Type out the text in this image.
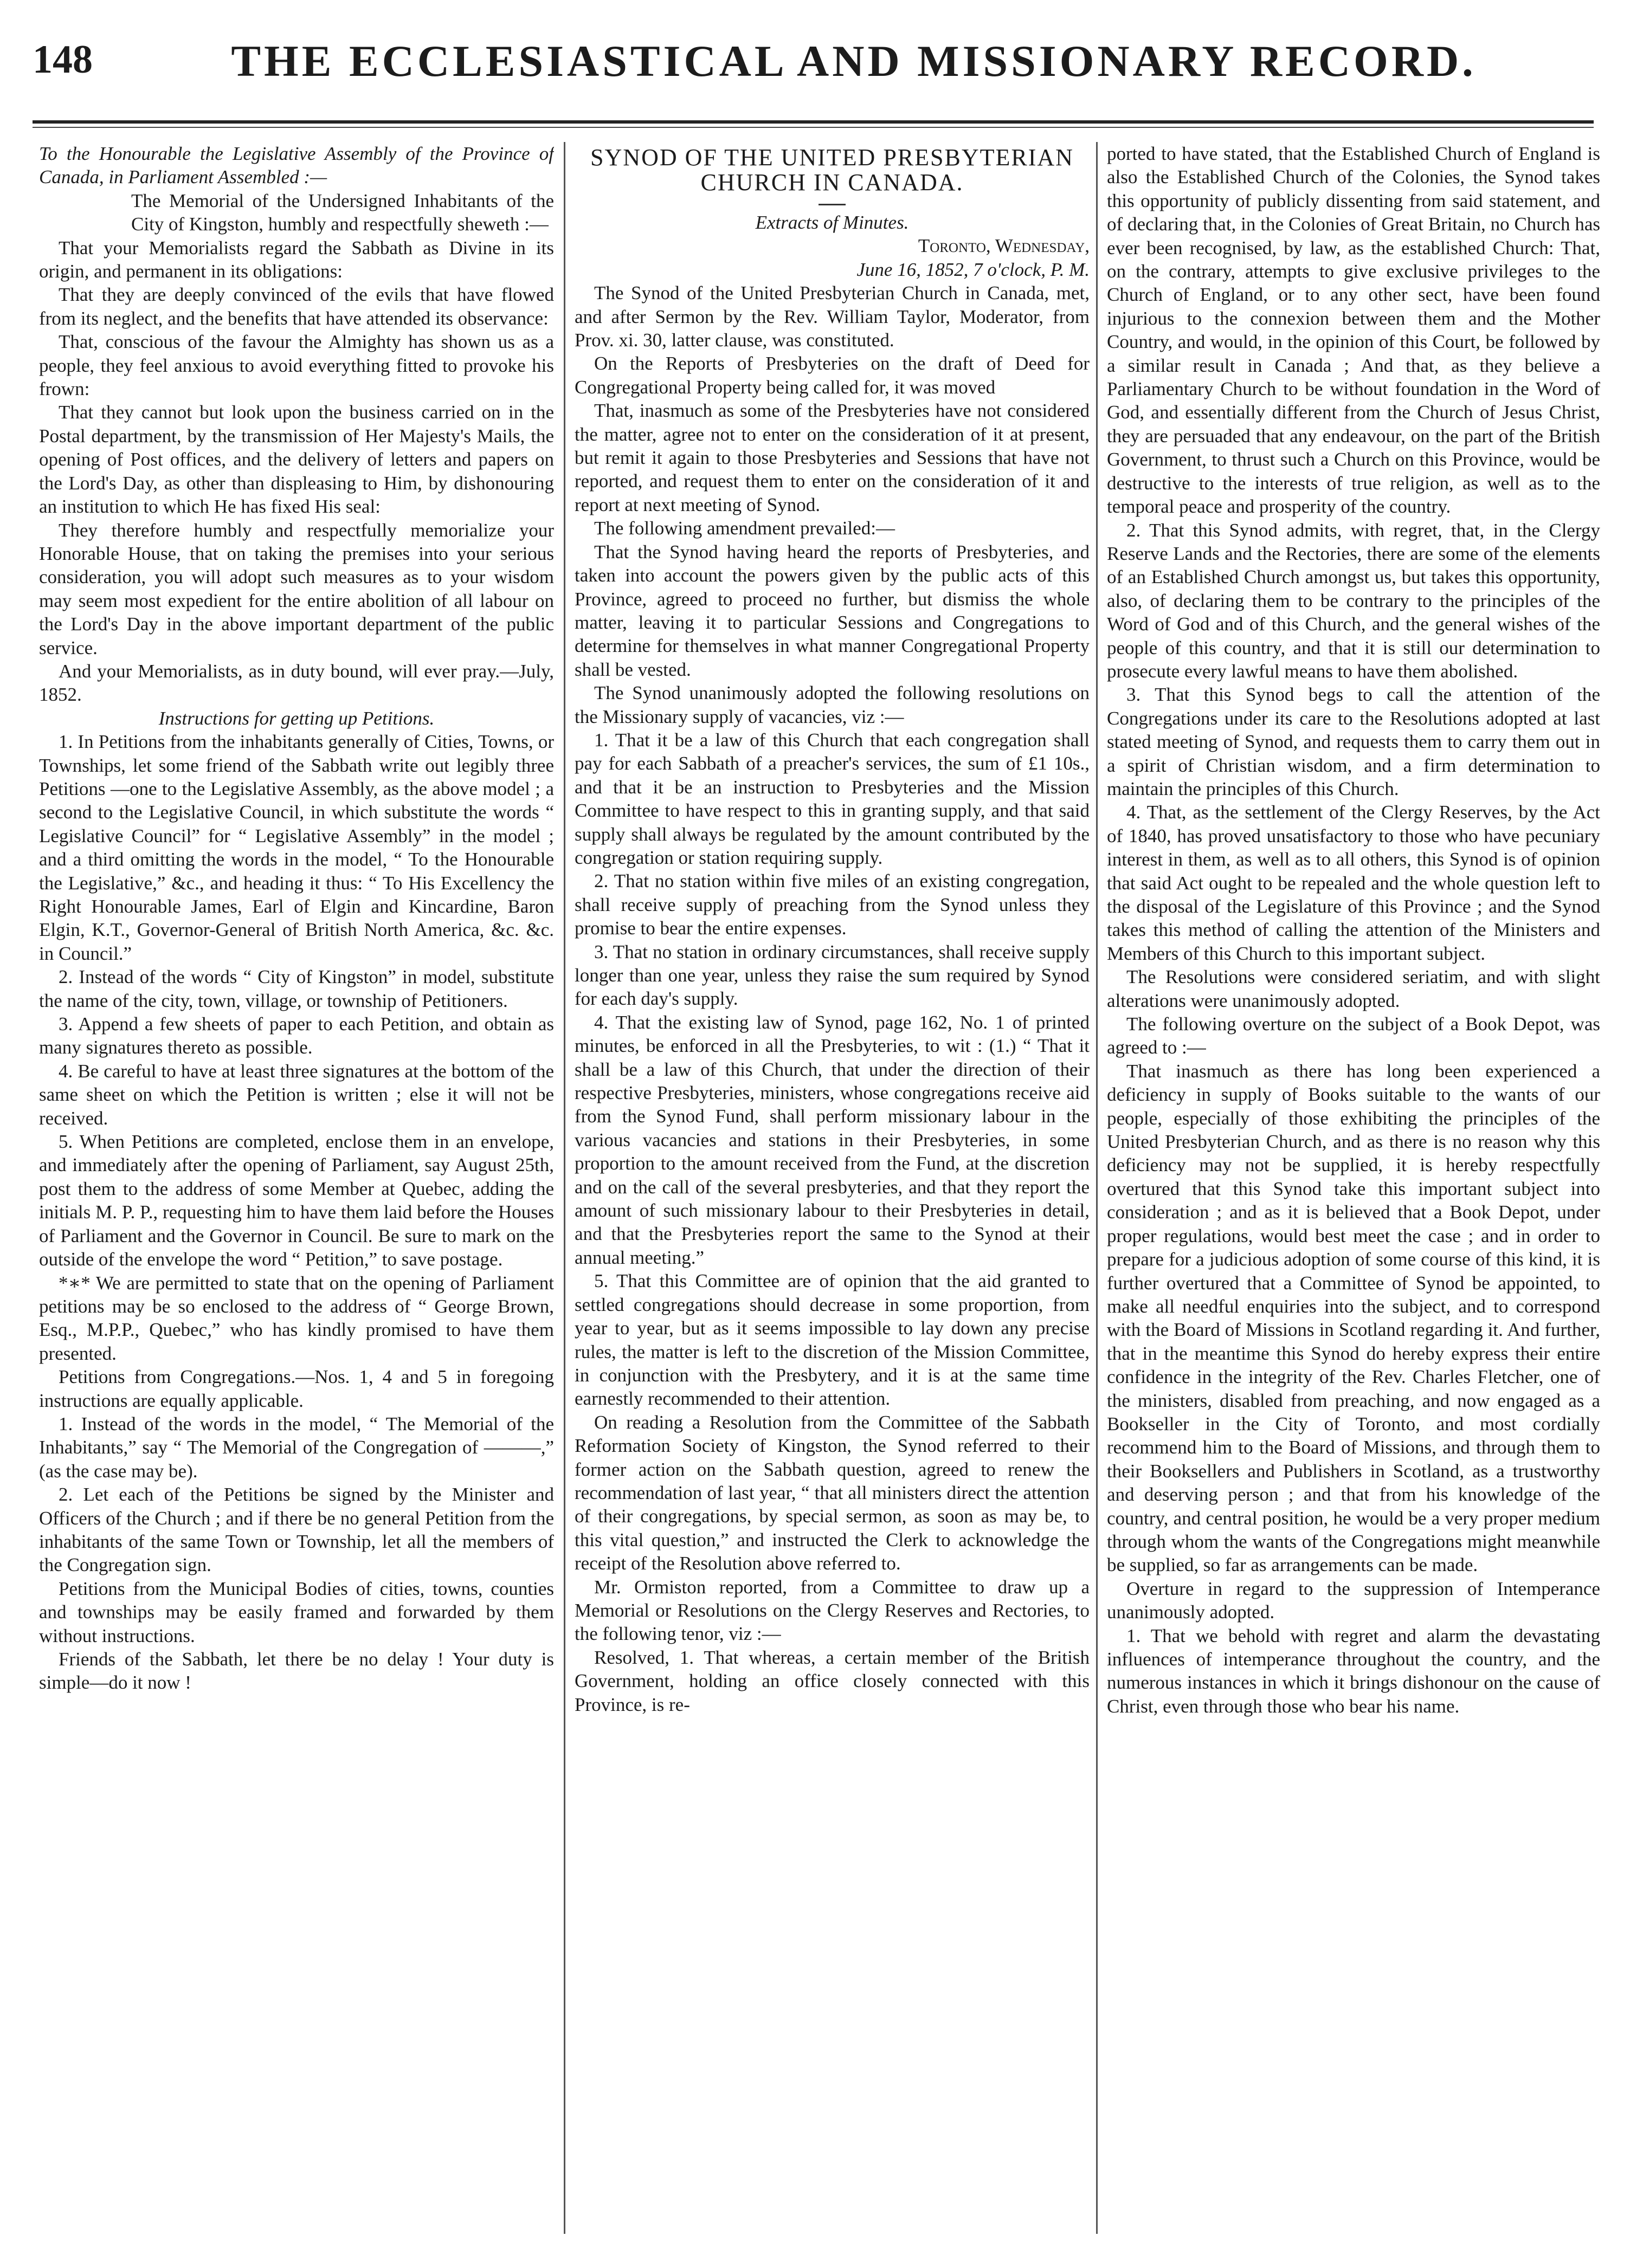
148	THE ECCLESIASTICAL AND MISSIONARY RECORD.

To the Honourable the Legislative Assembly of the Province of Canada, in Parliament Assembled :—

The Memorial of the Undersigned Inhabitants of the City of Kingston, humbly and respectfully sheweth :—

That your Memorialists regard the Sabbath as Divine in its origin, and permanent in its obligations:

That they are deeply convinced of the evils that have flowed from its neglect, and the benefits that have attended its observance:

That, conscious of the favour the Almighty has shown us as a people, they feel anxious to avoid everything fitted to provoke his frown:

That they cannot but look upon the business carried on in the Postal department, by the transmission of Her Majesty's Mails, the opening of Post offices, and the delivery of letters and papers on the Lord's Day, as other than displeasing to Him, by dishonouring an institution to which He has fixed His seal:

They therefore humbly and respectfully memorialize your Honorable House, that on taking the premises into your serious consideration, you will adopt such measures as to your wisdom may seem most expedient for the entire abolition of all labour on the Lord's Day in the above important department of the public service.

And your Memorialists, as in duty bound, will ever pray.—July, 1852.

Instructions for getting up Petitions.

1. In Petitions from the inhabitants generally of Cities, Towns, or Townships, let some friend of the Sabbath write out legibly three Petitions —one to the Legislative Assembly, as the above model ; a second to the Legislative Council, in which substitute the words “ Legislative Council” for “ Legislative Assembly” in the model ; and a third omitting the words in the model, “ To the Honourable the Legislative,” &c., and heading it thus: “ To His Excellency the Right Honourable James, Earl of Elgin and Kincardine, Baron Elgin, K.T., Governor-General of British North America, &c. &c. in Council.”

2. Instead of the words “ City of Kingston” in model, substitute the name of the city, town, village, or township of Petitioners.

3. Append a few sheets of paper to each Petition, and obtain as many signatures thereto as possible.

4. Be careful to have at least three signatures at the bottom of the same sheet on which the Petition is written ; else it will not be received.

5. When Petitions are completed, enclose them in an envelope, and immediately after the opening of Parliament, say August 25th, post them to the address of some Member at Quebec, adding the initials M. P. P., requesting him to have them laid before the Houses of Parliament and the Governor in Council. Be sure to mark on the outside of the envelope the word “ Petition,” to save postage.

*∗* We are permitted to state that on the opening of Parliament petitions may be so enclosed to the address of “ George Brown, Esq., M.P.P., Quebec,” who has kindly promised to have them presented.

Petitions from Congregations.—Nos. 1, 4 and 5 in foregoing instructions are equally applicable.

1. Instead of the words in the model, “ The Memorial of the Inhabitants,” say “ The Memorial of the Congregation of ———,” (as the case may be).

2. Let each of the Petitions be signed by the Minister and Officers of the Church ; and if there be no general Petition from the inhabitants of the same Town or Township, let all the members of the Congregation sign.

Petitions from the Municipal Bodies of cities, towns, counties and townships may be easily framed and forwarded by them without instructions.

Friends of the Sabbath, let there be no delay ! Your duty is simple—do it now !

SYNOD OF THE UNITED PRESBYTERIAN CHURCH IN CANADA.

Extracts of Minutes.

Toronto, Wednesday,

June 16, 1852, 7 o'clock, P. M.

The Synod of the United Presbyterian Church in Canada, met, and after Sermon by the Rev. William Taylor, Moderator, from Prov. xi. 30, latter clause, was constituted.

On the Reports of Presbyteries on the draft of Deed for Congregational Property being called for, it was moved

That, inasmuch as some of the Presbyteries have not considered the matter, agree not to enter on the consideration of it at present, but remit it again to those Presbyteries and Sessions that have not reported, and request them to enter on the consideration of it and report at next meeting of Synod.

The following amendment prevailed:—

That the Synod having heard the reports of Presbyteries, and taken into account the powers given by the public acts of this Province, agreed to proceed no further, but dismiss the whole matter, leaving it to particular Sessions and Congregations to determine for themselves in what manner Congregational Property shall be vested.

The Synod unanimously adopted the following resolutions on the Missionary supply of vacancies, viz :—

1. That it be a law of this Church that each congregation shall pay for each Sabbath of a preacher's services, the sum of £1 10s., and that it be an instruction to Presbyteries and the Mission Committee to have respect to this in granting supply, and that said supply shall always be regulated by the amount contributed by the congregation or station requiring supply.

2. That no station within five miles of an existing congregation, shall receive supply of preaching from the Synod unless they promise to bear the entire expenses.

3. That no station in ordinary circumstances, shall receive supply longer than one year, unless they raise the sum required by Synod for each day's supply.

4. That the existing law of Synod, page 162, No. 1 of printed minutes, be enforced in all the Presbyteries, to wit : (1.) “ That it shall be a law of this Church, that under the direction of their respective Presbyteries, ministers, whose congregations receive aid from the Synod Fund, shall perform missionary labour in the various vacancies and stations in their Presbyteries, in some proportion to the amount received from the Fund, at the discretion and on the call of the several presbyteries, and that they report the amount of such missionary labour to their Presbyteries in detail, and that the Presbyteries report the same to the Synod at their annual meeting.”

5. That this Committee are of opinion that the aid granted to settled congregations should decrease in some proportion, from year to year, but as it seems impossible to lay down any precise rules, the matter is left to the discretion of the Mission Committee, in conjunction with the Presbytery, and it is at the same time earnestly recommended to their attention.

On reading a Resolution from the Committee of the Sabbath Reformation Society of Kingston, the Synod referred to their former action on the Sabbath question, agreed to renew the recommendation of last year, “ that all ministers direct the attention of their congregations, by special sermon, as soon as may be, to this vital question,” and instructed the Clerk to acknowledge the receipt of the Resolution above referred to.

Mr. Ormiston reported, from a Committee to draw up a Memorial or Resolutions on the Clergy Reserves and Rectories, to the following tenor, viz :—

Resolved, 1. That whereas, a certain member of the British Government, holding an office closely connected with this Province, is re-

ported to have stated, that the Established Church of England is also the Established Church of the Colonies, the Synod takes this opportunity of publicly dissenting from said statement, and of declaring that, in the Colonies of Great Britain, no Church has ever been recognised, by law, as the established Church: That, on the contrary, attempts to give exclusive privileges to the Church of England, or to any other sect, have been found injurious to the connexion between them and the Mother Country, and would, in the opinion of this Court, be followed by a similar result in Canada ; And that, as they believe a Parliamentary Church to be without foundation in the Word of God, and essentially different from the Church of Jesus Christ, they are persuaded that any endeavour, on the part of the British Government, to thrust such a Church on this Province, would be destructive to the interests of true religion, as well as to the temporal peace and prosperity of the country.

2. That this Synod admits, with regret, that, in the Clergy Reserve Lands and the Rectories, there are some of the elements of an Established Church amongst us, but takes this opportunity, also, of declaring them to be contrary to the principles of the Word of God and of this Church, and the general wishes of the people of this country, and that it is still our determination to prosecute every lawful means to have them abolished.

3. That this Synod begs to call the attention of the Congregations under its care to the Resolutions adopted at last stated meeting of Synod, and requests them to carry them out in a spirit of Christian wisdom, and a firm determination to maintain the principles of this Church.

4. That, as the settlement of the Clergy Reserves, by the Act of 1840, has proved unsatisfactory to those who have pecuniary interest in them, as well as to all others, this Synod is of opinion that said Act ought to be repealed and the whole question left to the disposal of the Legislature of this Province ; and the Synod takes this method of calling the attention of the Ministers and Members of this Church to this important subject.

The Resolutions were considered seriatim, and with slight alterations were unanimously adopted.

The following overture on the subject of a Book Depot, was agreed to :—

That inasmuch as there has long been experienced a deficiency in supply of Books suitable to the wants of our people, especially of those exhibiting the principles of the United Presbyterian Church, and as there is no reason why this deficiency may not be supplied, it is hereby respectfully overtured that this Synod take this important subject into consideration ; and as it is believed that a Book Depot, under proper regulations, would best meet the case ; and in order to prepare for a judicious adoption of some course of this kind, it is further overtured that a Committee of Synod be appointed, to make all needful enquiries into the subject, and to correspond with the Board of Missions in Scotland regarding it. And further, that in the meantime this Synod do hereby express their entire confidence in the integrity of the Rev. Charles Fletcher, one of the ministers, disabled from preaching, and now engaged as a Bookseller in the City of Toronto, and most cordially recommend him to the Board of Missions, and through them to their Booksellers and Publishers in Scotland, as a trustworthy and deserving person ; and that from his knowledge of the country, and central position, he would be a very proper medium through whom the wants of the Congregations might meanwhile be supplied, so far as arrangements can be made.

Overture in regard to the suppression of Intemperance unanimously adopted.

1. That we behold with regret and alarm the devastating influences of intemperance throughout the country, and the numerous instances in which it brings dishonour on the cause of Christ, even through those who bear his name.
